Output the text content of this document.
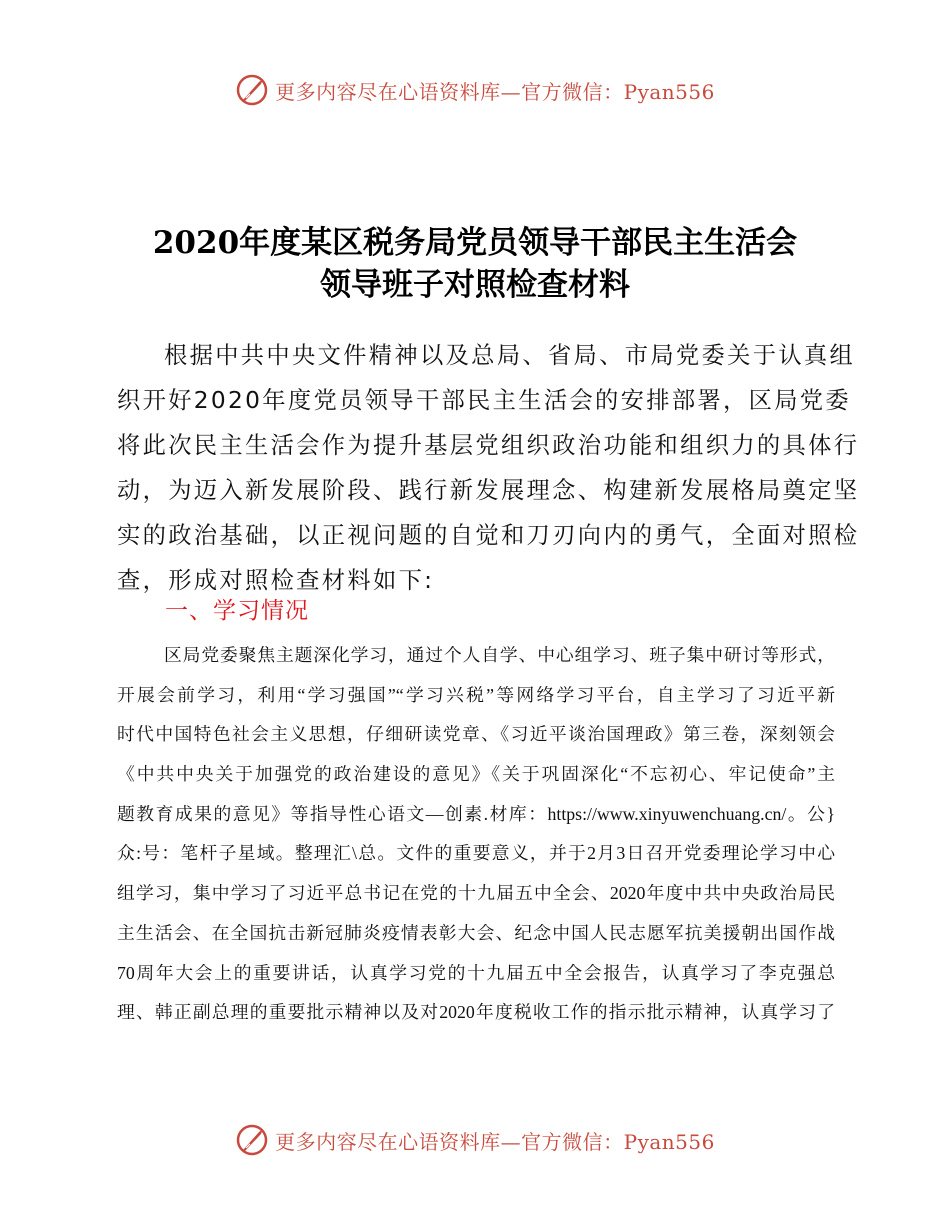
更多内容尽在心语资料库—官方微信：Pyan556
2020年度某区税务局党员领导干部民主生活会
领导班子对照检查材料
根据中共中央文件精神以及总局、省局、市局党委关于认真组
织开好2020年度党员领导干部民主生活会的安排部署，区局党委
将此次民主生活会作为提升基层党组织政治功能和组织力的具体行
动，为迈入新发展阶段、践行新发展理念、构建新发展格局奠定坚
实的政治基础，以正视问题的自觉和刀刃向内的勇气，全面对照检
查，形成对照检查材料如下:
一、学习情况
区局党委聚焦主题深化学习，通过个人自学、中心组学习、班子集中研讨等形式，
开展会前学习，利用“学习强国”“学习兴税”等网络学习平台，自主学习了习近平新
时代中国特色社会主义思想，仔细研读党章、《习近平谈治国理政》第三卷，深刻领会
《中共中央关于加强党的政治建设的意见》《关于巩固深化“不忘初心、牢记使命”主
题教育成果的意见》等指导性心语文—创素.材库：https://www.xinyuwenchuang.cn/。公}
众:号：笔杆子星域。整理汇\总。文件的重要意义，并于2月3日召开党委理论学习中心
组学习，集中学习了习近平总书记在党的十九届五中全会、2020年度中共中央政治局民
主生活会、在全国抗击新冠肺炎疫情表彰大会、纪念中国人民志愿军抗美援朝出国作战
70周年大会上的重要讲话，认真学习党的十九届五中全会报告，认真学习了李克强总
理、韩正副总理的重要批示精神以及对2020年度税收工作的指示批示精神，认真学习了
更多内容尽在心语资料库—官方微信：Pyan556
